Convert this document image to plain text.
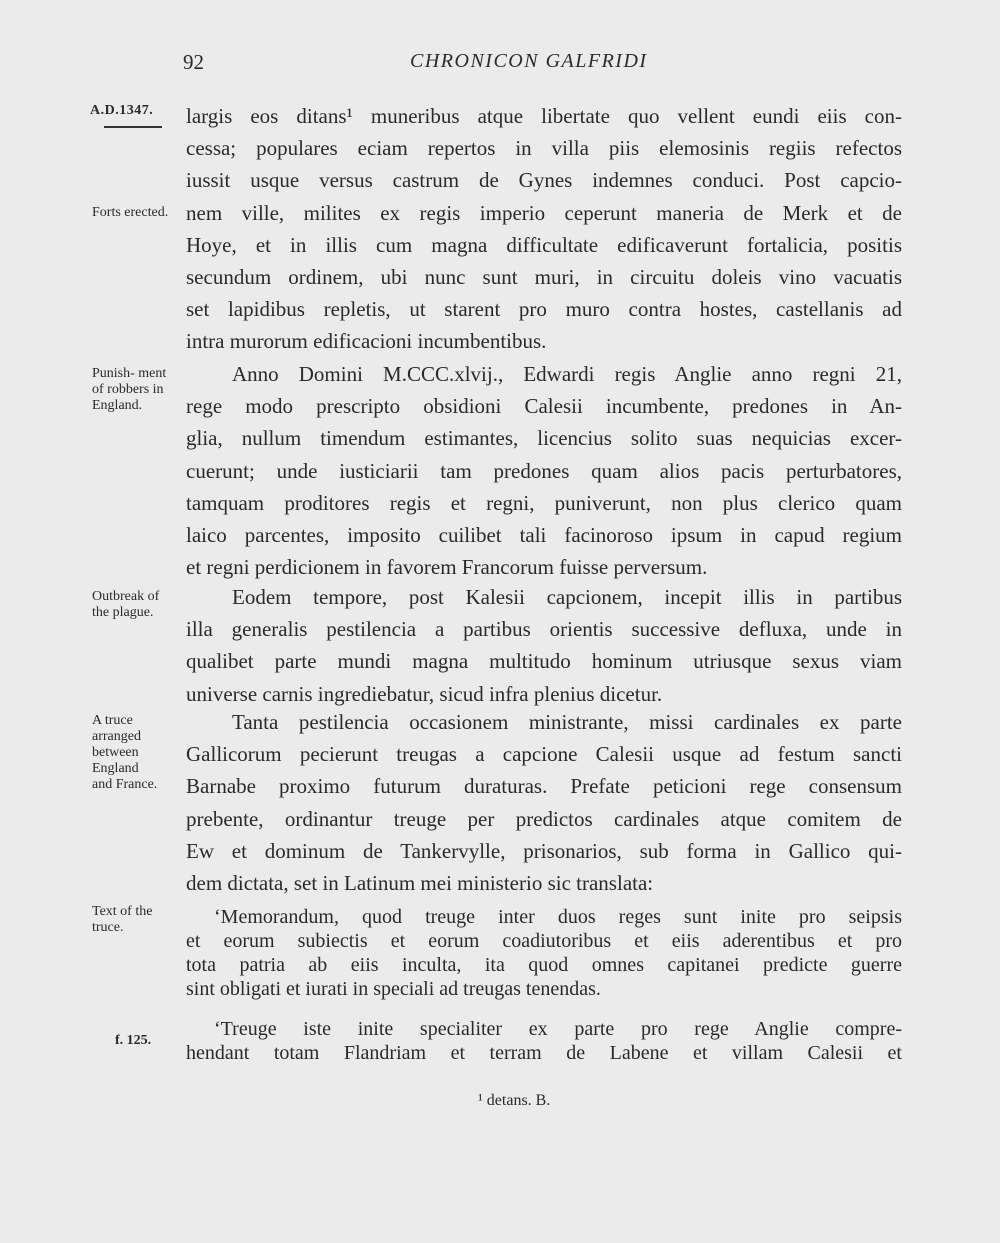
92	CHRONICON GALFRIDI
A.D.1347.
Forts erected.
Punish- ment of robbers in England.
Outbreak of the plague.
A truce arranged between England and France.
Text of the truce.
f. 125.
largis eos ditans¹ muneribus atque libertate quo vellent eundi eiis con-
cessa; populares eciam repertos in villa piis elemosinis regiis refectos
iussit usque versus castrum de Gynes indemnes conduci. Post capcio-
nem ville, milites ex regis imperio ceperunt maneria de Merk et de
Hoye, et in illis cum magna difficultate edificaverunt fortalicia, positis
secundum ordinem, ubi nunc sunt muri, in circuitu doleis vino vacuatis
set lapidibus repletis, ut starent pro muro contra hostes, castellanis ad
intra murorum edificacioni incumbentibus.
Anno Domini M.CCC.xlvij., Edwardi regis Anglie anno regni 21,
rege modo prescripto obsidioni Calesii incumbente, predones in An-
glia, nullum timendum estimantes, licencius solito suas nequicias excer-
cuerunt; unde iusticiarii tam predones quam alios pacis perturbatores,
tamquam proditores regis et regni, puniverunt, non plus clerico quam
laico parcentes, imposito cuilibet tali facinoroso ipsum in capud regium
et regni perdicionem in favorem Francorum fuisse perversum.
Eodem tempore, post Kalesii capcionem, incepit illis in partibus
illa generalis pestilencia a partibus orientis successive defluxa, unde in
qualibet parte mundi magna multitudo hominum utriusque sexus viam
universe carnis ingrediebatur, sicud infra plenius dicetur.
Tanta pestilencia occasionem ministrante, missi cardinales ex parte
Gallicorum pecierunt treugas a capcione Calesii usque ad festum sancti
Barnabe proximo futurum duraturas. Prefate peticioni rege consensum
prebente, ordinantur treuge per predictos cardinales atque comitem de
Ew et dominum de Tankervylle, prisonarios, sub forma in Gallico qui-
dem dictata, set in Latinum mei ministerio sic translata:
‘Memorandum, quod treuge inter duos reges sunt inite pro seipsis
et eorum subiectis et eorum coadiutoribus et eiis aderentibus et pro
tota patria ab eiis inculta, ita quod omnes capitanei predicte guerre
sint obligati et iurati in speciali ad treugas tenendas.
‘Treuge iste inite specialiter ex parte pro rege Anglie compre-
hendant totam Flandriam et terram de Labene et villam Calesii et
¹ detans. B.
